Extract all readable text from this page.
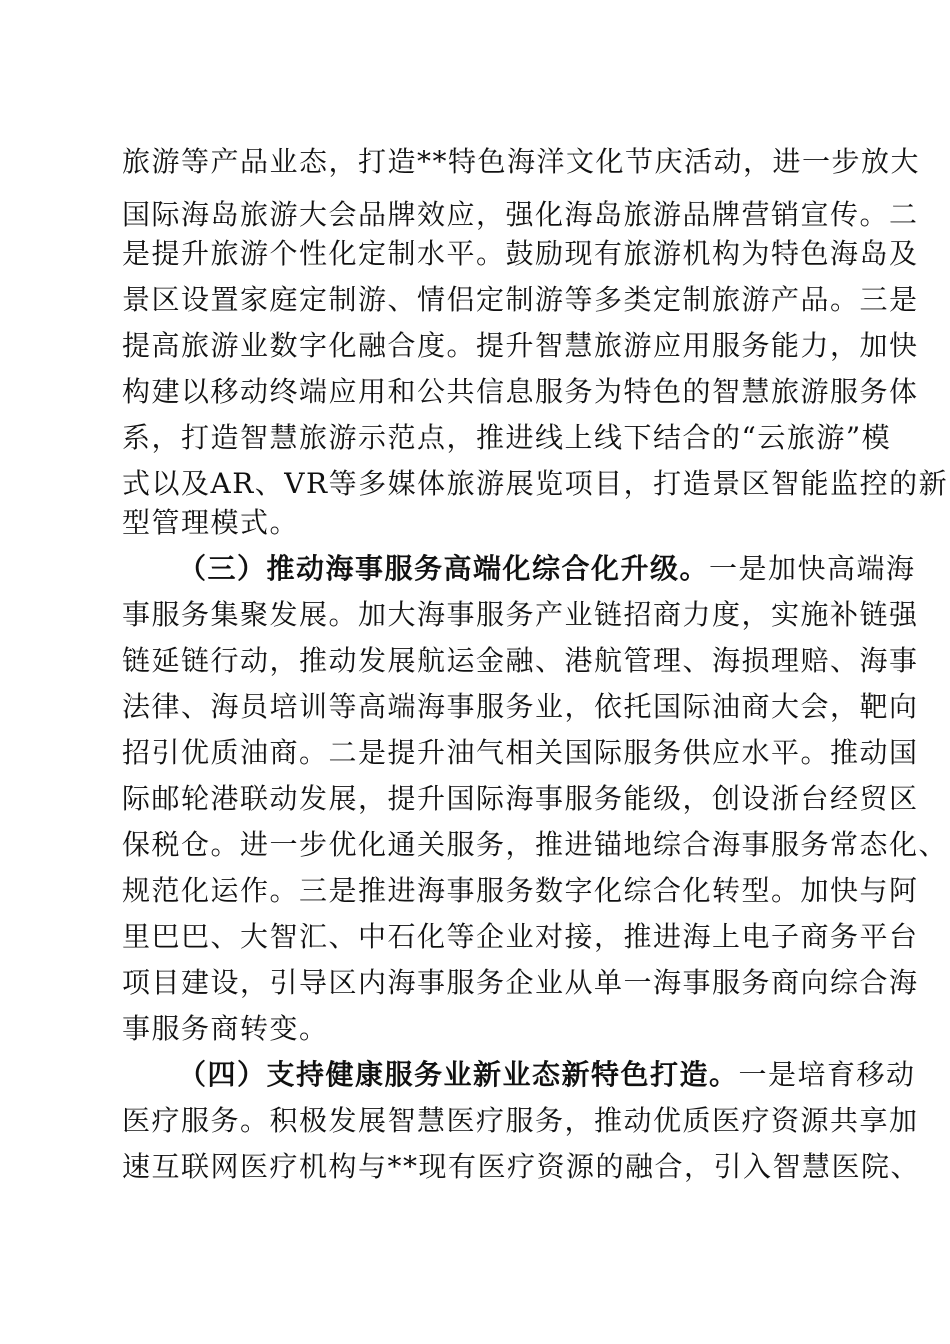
旅游等产品业态，打造**特色海洋文化节庆活动，进一步放大
国际海岛旅游大会品牌效应，强化海岛旅游品牌营销宣传。二
是提升旅游个性化定制水平。鼓励现有旅游机构为特色海岛及
景区设置家庭定制游、情侣定制游等多类定制旅游产品。三是
提高旅游业数字化融合度。提升智慧旅游应用服务能力，加快
构建以移动终端应用和公共信息服务为特色的智慧旅游服务体
系，打造智慧旅游示范点，推进线上线下结合的“云旅游”模
式以及AR、VR等多媒体旅游展览项目，打造景区智能监控的新
型管理模式。
（三）推动海事服务高端化综合化升级。一是加快高端海
事服务集聚发展。加大海事服务产业链招商力度，实施补链强
链延链行动，推动发展航运金融、港航管理、海损理赔、海事
法律、海员培训等高端海事服务业，依托国际油商大会，靶向
招引优质油商。二是提升油气相关国际服务供应水平。推动国
际邮轮港联动发展，提升国际海事服务能级，创设浙台经贸区
保税仓。进一步优化通关服务，推进锚地综合海事服务常态化、
规范化运作。三是推进海事服务数字化综合化转型。加快与阿
里巴巴、大智汇、中石化等企业对接，推进海上电子商务平台
项目建设，引导区内海事服务企业从单一海事服务商向综合海
事服务商转变。
（四）支持健康服务业新业态新特色打造。一是培育移动
医疗服务。积极发展智慧医疗服务，推动优质医疗资源共享加
速互联网医疗机构与**现有医疗资源的融合，引入智慧医院、
